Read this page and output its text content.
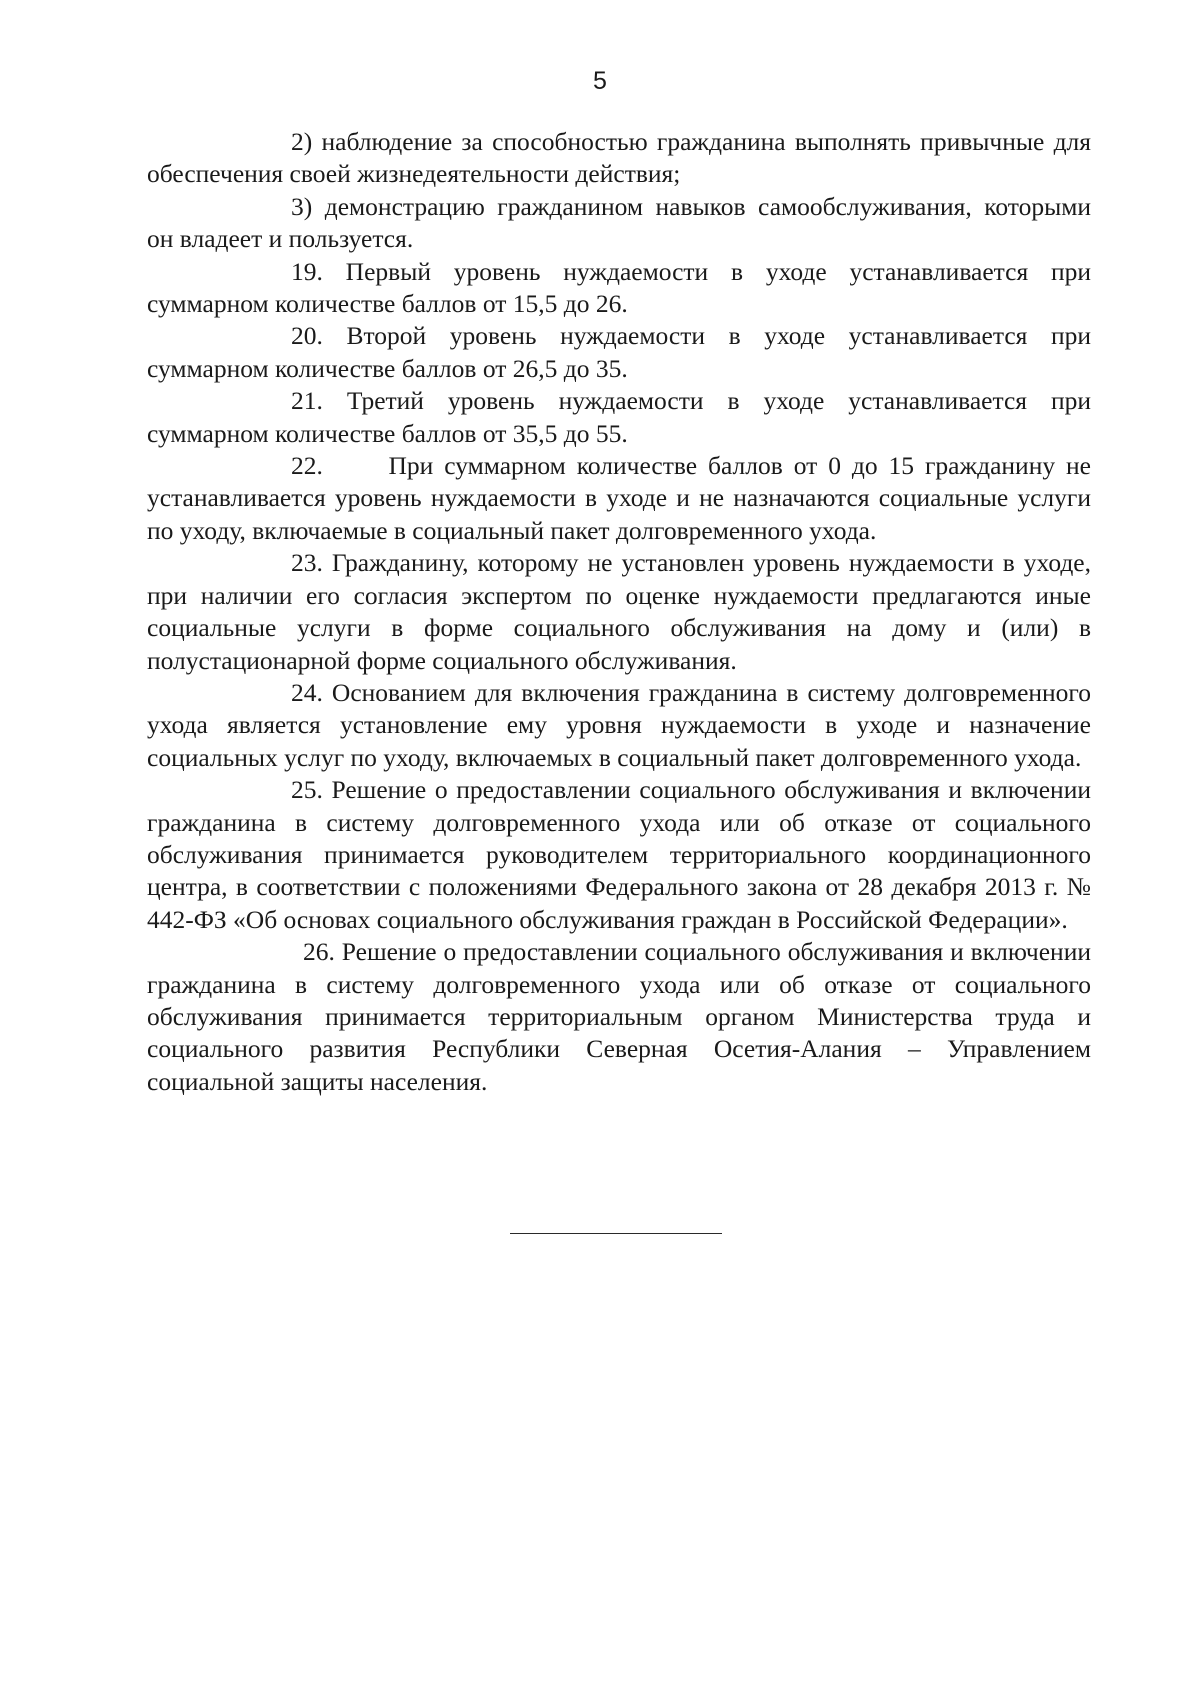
5

2) наблюдение за способностью гражданина выполнять привычные для обеспечения своей жизнедеятельности действия;

3) демонстрацию гражданином навыков самообслуживания, которыми он владеет и пользуется.

19. Первый уровень нуждаемости в уходе устанавливается при суммарном количестве баллов от 15,5 до 26.

20. Второй уровень нуждаемости в уходе устанавливается при суммарном количестве баллов от 26,5 до 35.

21. Третий уровень нуждаемости в уходе устанавливается при суммарном количестве баллов от 35,5 до 55.

22.	При суммарном количестве баллов от 0 до 15 гражданину не устанавливается уровень нуждаемости в уходе и не назначаются социальные услуги по уходу, включаемые в социальный пакет долговременного ухода.

23. Гражданину, которому не установлен уровень нуждаемости в уходе, при наличии его согласия экспертом по оценке нуждаемости предлагаются иные социальные услуги в форме социального обслуживания на дому и (или) в полустационарной форме социального обслуживания.

24. Основанием для включения гражданина в систему долговременного ухода является установление ему уровня нуждаемости в уходе и назначение социальных услуг по уходу, включаемых в социальный пакет долговременного ухода.

25. Решение о предоставлении социального обслуживания и включении гражданина в систему долговременного ухода или об отказе от социального обслуживания принимается руководителем территориального координационного центра, в соответствии с положениями Федерального закона от 28 декабря 2013 г. № 442-ФЗ «Об основах социального обслуживания граждан в Российской Федерации».

26. Решение о предоставлении социального обслуживания и включении гражданина в систему долговременного ухода или об отказе от социального обслуживания принимается территориальным органом Министерства труда и социального развития Республики Северная Осетия-Алания – Управлением социальной защиты населения.
